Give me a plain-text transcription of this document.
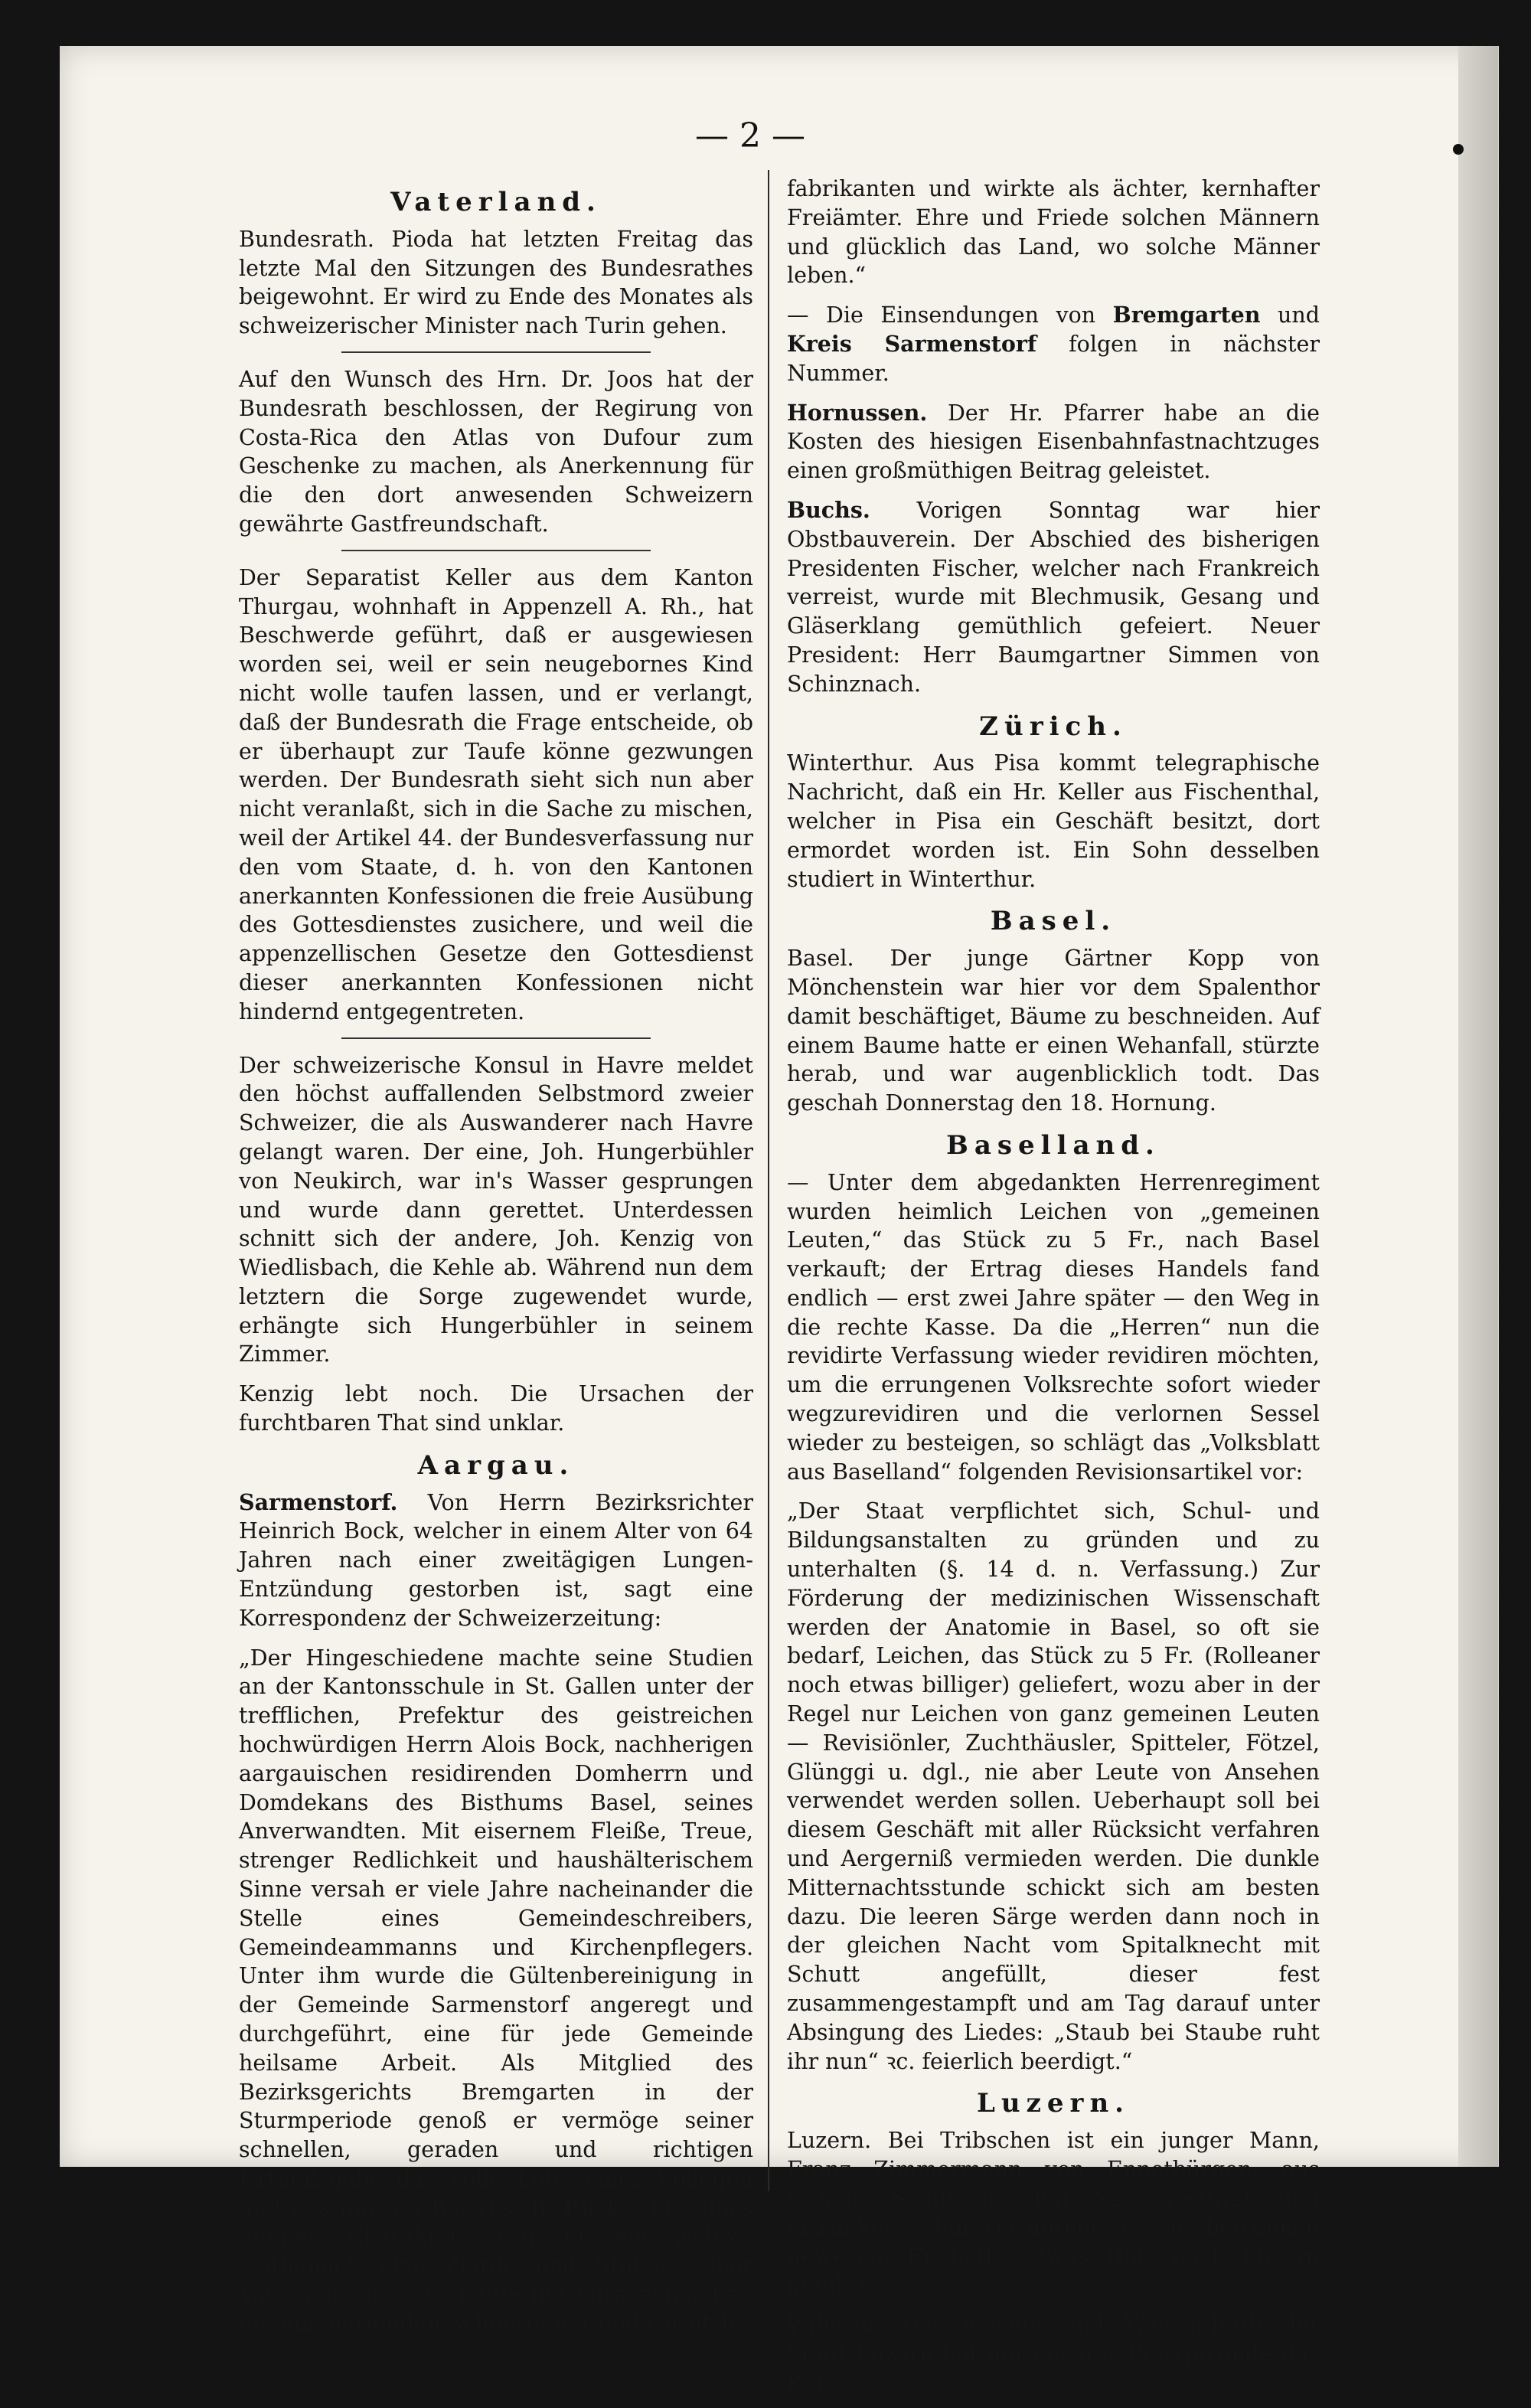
— 2 —
Vaterland.

Bundesrath. Pioda hat letzten Freitag das letzte Mal den Sitzungen des Bundesrathes beigewohnt. Er wird zu Ende des Monates als schweizerischer Minister nach Turin gehen.

Auf den Wunsch des Hrn. Dr. Joos hat der Bundesrath beschlossen, der Regirung von Costa-Rica den Atlas von Dufour zum Geschenke zu machen, als Anerkennung für die den dort anwesenden Schweizern gewährte Gastfreundschaft.

Der Separatist Keller aus dem Kanton Thurgau, wohnhaft in Appenzell A. Rh., hat Beschwerde geführt, daß er ausgewiesen worden sei, weil er sein neugebornes Kind nicht wolle taufen lassen, und er verlangt, daß der Bundesrath die Frage entscheide, ob er überhaupt zur Taufe könne gezwungen werden. Der Bundesrath sieht sich nun aber nicht veranlaßt, sich in die Sache zu mischen, weil der Artikel 44. der Bundesverfassung nur den vom Staate, d. h. von den Kantonen anerkannten Konfessionen die freie Ausübung des Gottesdienstes zusichere, und weil die appenzellischen Gesetze den Gottesdienst dieser anerkannten Konfessionen nicht hindernd entgegentreten.

Der schweizerische Konsul in Havre meldet den höchst auffallenden Selbstmord zweier Schweizer, die als Auswanderer nach Havre gelangt waren. Der eine, Joh. Hungerbühler von Neukirch, war in's Wasser gesprungen und wurde dann gerettet. Unterdessen schnitt sich der andere, Joh. Kenzig von Wiedlisbach, die Kehle ab. Während nun dem letztern die Sorge zugewendet wurde, erhängte sich Hungerbühler in seinem Zimmer.

Kenzig lebt noch. Die Ursachen der furchtbaren That sind unklar.

Aargau.

Sarmenstorf. Von Herrn Bezirksrichter Heinrich Bock, welcher in einem Alter von 64 Jahren nach einer zweitägigen Lungen-Entzündung gestorben ist, sagt eine Korrespondenz der Schweizerzeitung:

„Der Hingeschiedene machte seine Studien an der Kantonsschule in St. Gallen unter der trefflichen, Prefektur des geistreichen hochwürdigen Herrn Alois Bock, nachherigen aargauischen residirenden Domherrn und Domdekans des Bisthums Basel, seines Anverwandten. Mit eisernem Fleiße, Treue, strenger Redlichkeit und haushälterischem Sinne versah er viele Jahre nacheinander die Stelle eines Gemeindeschreibers, Gemeindeammanns und Kirchenpflegers. Unter ihm wurde die Gültenbereinigung in der Gemeinde Sarmenstorf angeregt und durchgeführt, eine für jede Gemeinde heilsame Arbeit. Als Mitglied des Bezirksgerichts Bremgarten in der Sturmperiode genoß er vermöge seiner schnellen, geraden und richtigen Urtheilsgabe das volle Lob seiner Kollegen und des ganzen Bezirks. In Rücksicht seines offenen Charakters war er ein wahrer Nathanael, eine Zierde und Stütze seiner Vatergemeinde. Er haßte die Phrasenmacher, die nimmermüden Schönredner und Gesetzli-

fabrikanten und wirkte als ächter, kernhafter Freiämter. Ehre und Friede solchen Männern und glücklich das Land, wo solche Männer leben.“

— Die Einsendungen von Bremgarten und Kreis Sarmenstorf folgen in nächster Nummer.

Hornussen. Der Hr. Pfarrer habe an die Kosten des hiesigen Eisenbahnfastnachtzuges einen großmüthigen Beitrag geleistet.

Buchs. Vorigen Sonntag war hier Obstbauverein. Der Abschied des bisherigen Presidenten Fischer, welcher nach Frankreich verreist, wurde mit Blechmusik, Gesang und Gläserklang gemüthlich gefeiert. Neuer President: Herr Baumgartner Simmen von Schinznach.

Zürich.

Winterthur. Aus Pisa kommt telegraphische Nachricht, daß ein Hr. Keller aus Fischenthal, welcher in Pisa ein Geschäft besitzt, dort ermordet worden ist. Ein Sohn desselben studiert in Winterthur.

Basel.

Basel. Der junge Gärtner Kopp von Mönchenstein war hier vor dem Spalenthor damit beschäftiget, Bäume zu beschneiden. Auf einem Baume hatte er einen Wehanfall, stürzte herab, und war augenblicklich todt. Das geschah Donnerstag den 18. Hornung.

Baselland.

— Unter dem abgedankten Herrenregiment wurden heimlich Leichen von „gemeinen Leuten,“ das Stück zu 5 Fr., nach Basel verkauft; der Ertrag dieses Handels fand endlich — erst zwei Jahre später — den Weg in die rechte Kasse. Da die „Herren“ nun die revidirte Verfassung wieder revidiren möchten, um die errungenen Volksrechte sofort wieder wegzurevidiren und die verlornen Sessel wieder zu besteigen, so schlägt das „Volksblatt aus Baselland“ folgenden Revisionsartikel vor:

„Der Staat verpflichtet sich, Schul- und Bildungsanstalten zu gründen und zu unterhalten (§. 14 d. n. Verfassung.) Zur Förderung der medizinischen Wissenschaft werden der Anatomie in Basel, so oft sie bedarf, Leichen, das Stück zu 5 Fr. (Rolleaner noch etwas billiger) geliefert, wozu aber in der Regel nur Leichen von ganz gemeinen Leuten — Revisiönler, Zuchthäusler, Spitteler, Fötzel, Glünggi u. dgl., nie aber Leute von Ansehen verwendet werden sollen. Ueberhaupt soll bei diesem Geschäft mit aller Rücksicht verfahren und Aergerniß vermieden werden. Die dunkle Mitternachtsstunde schickt sich am besten dazu. Die leeren Särge werden dann noch in der gleichen Nacht vom Spitalknecht mit Schutt angefüllt, dieser fest zusammengestampft und am Tag darauf unter Absingung des Liedes: „Staub bei Staube ruht ihr nun“ ꝛc. feierlich beerdigt.“

Luzern.

Luzern. Bei Tribschen ist ein junger Mann, Franz Zimmermann von Ennetbürgen, aus seinem Schiff in den See gestürzt und ertrunken. Man vermuthet, er sei betrunken gewesen. Er hatte etwas Holz nach Luzern geführt.

Willisau. Der Armen- und Waisen-Rath der Stadt Luzern hat auf unserer Pfarrpfründe das Kol-
